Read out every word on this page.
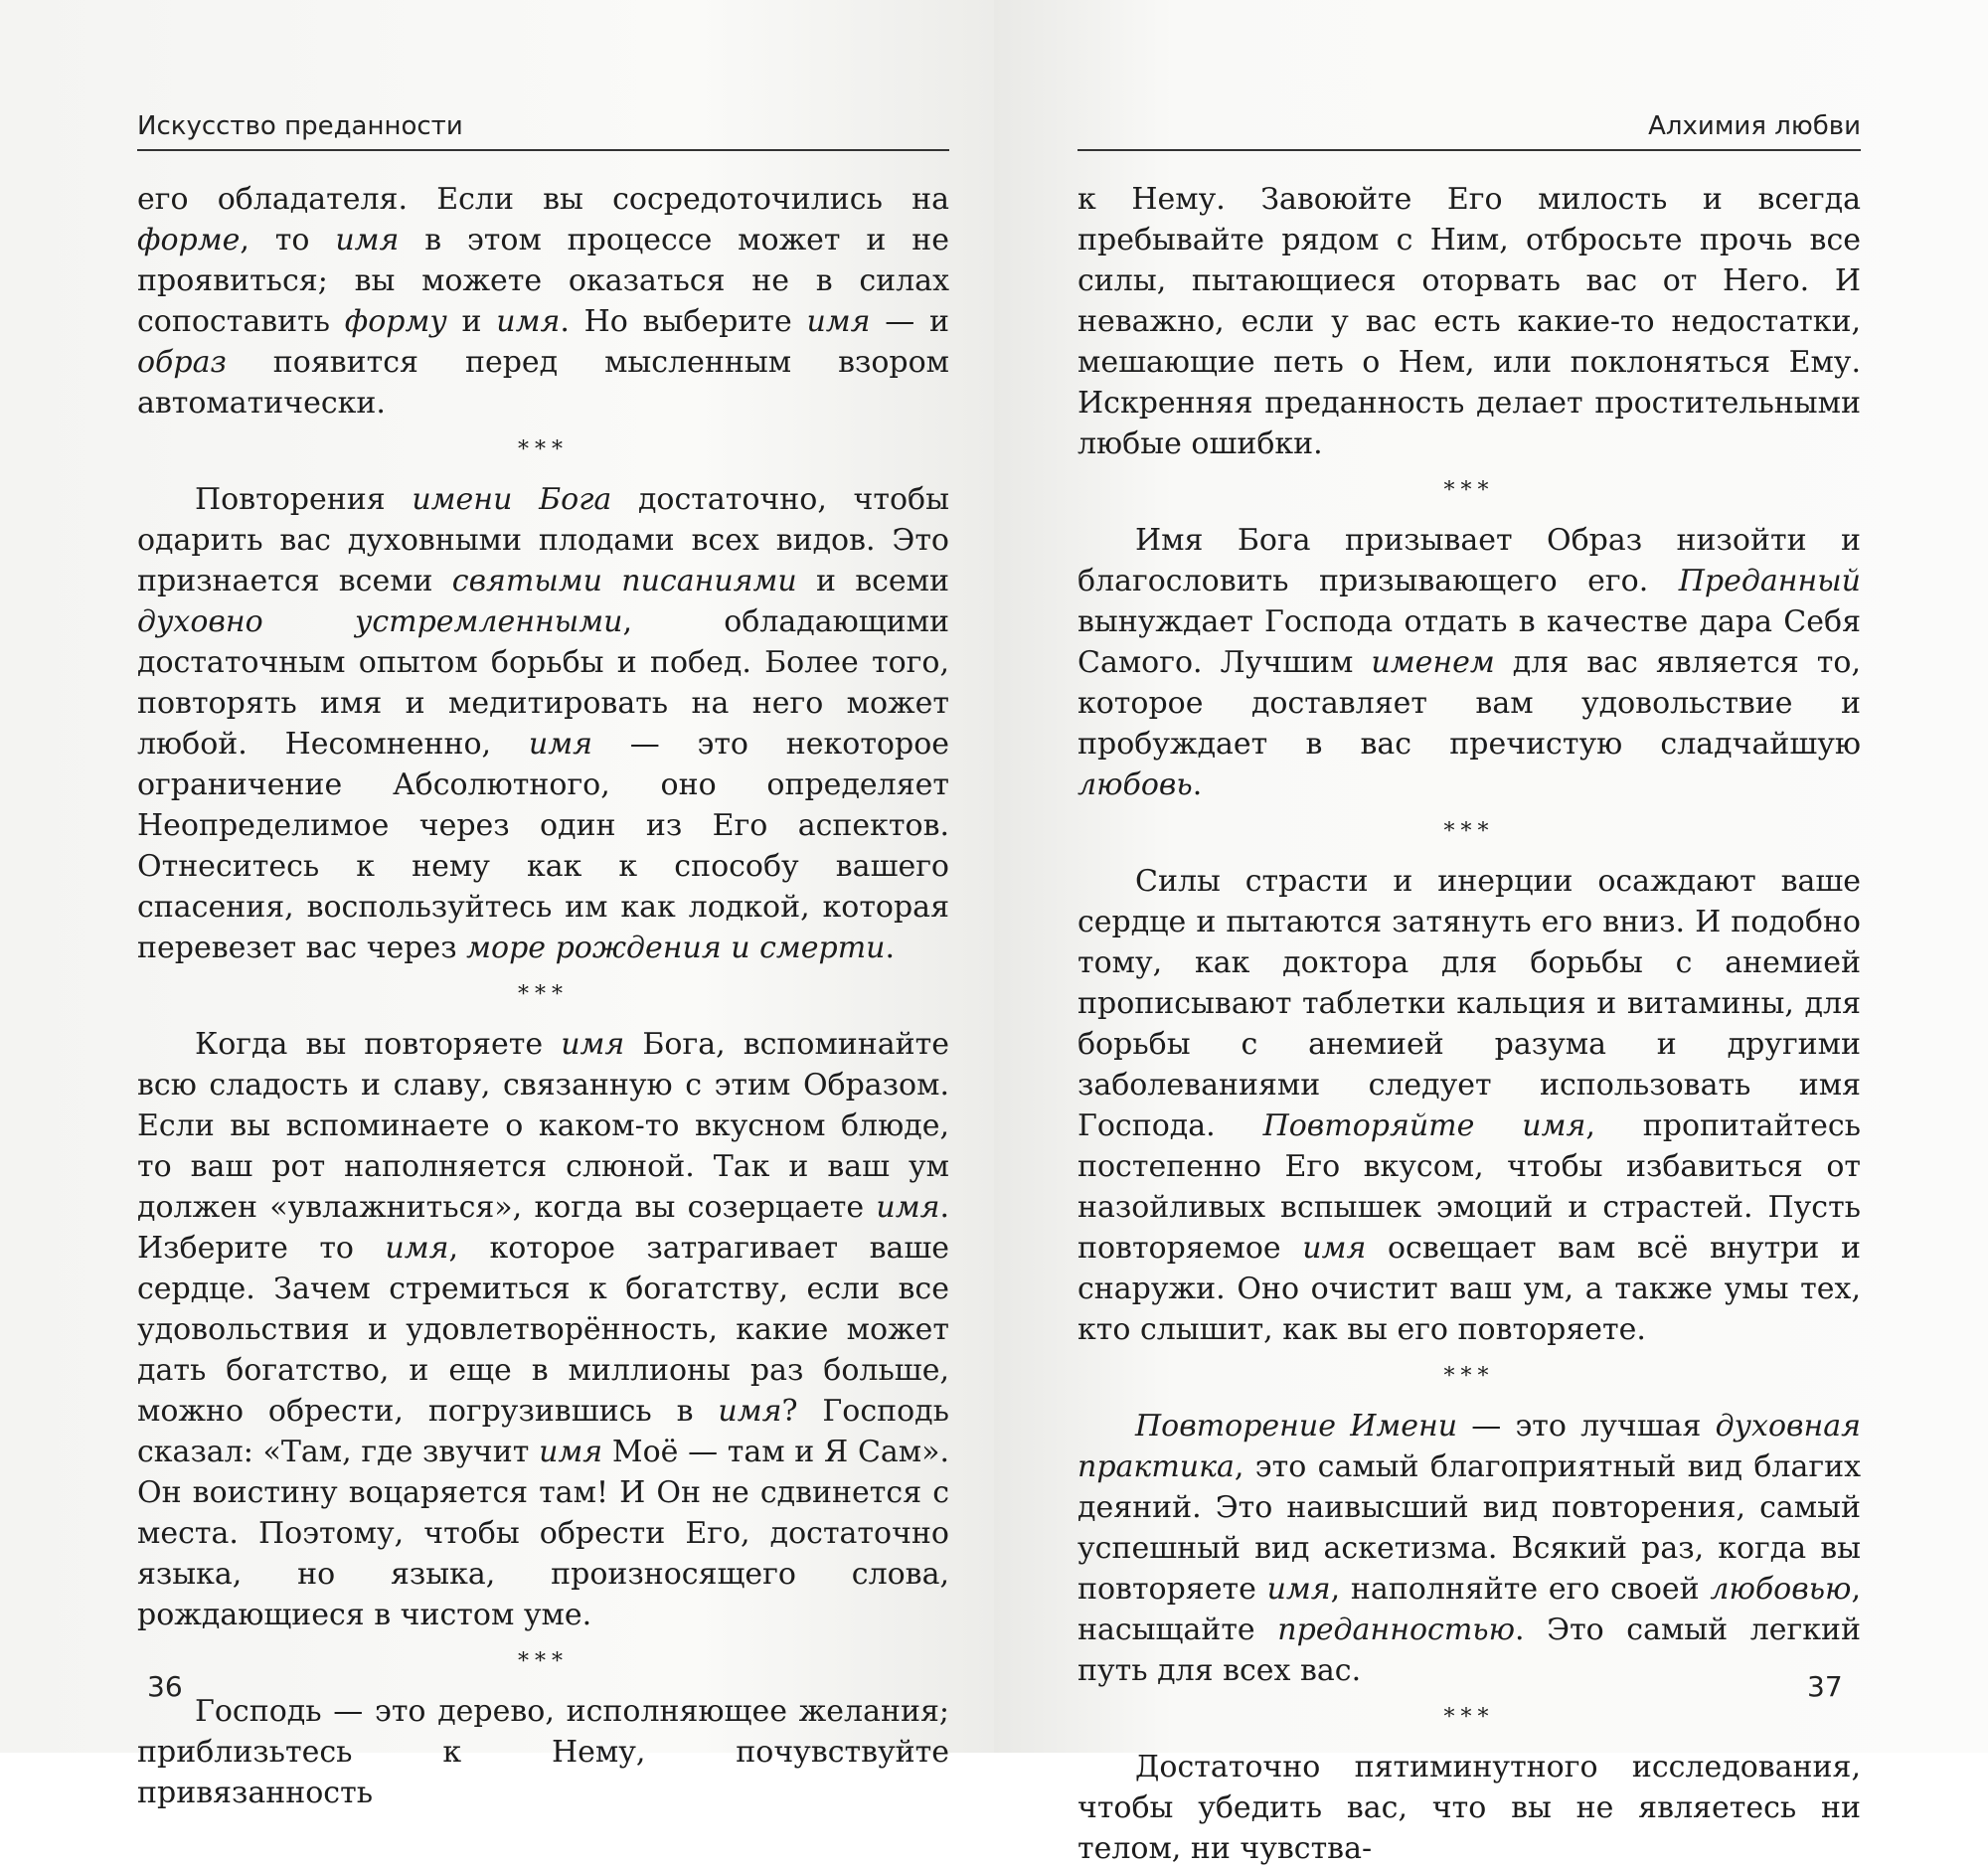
Искусство преданности

его обладателя. Если вы сосредоточились на форме, то имя в этом процессе может и не проявиться; вы можете оказаться не в силах сопоставить форму и имя. Но выберите имя — и образ появится перед мысленным взором автоматически.

***

Повторения имени Бога достаточно, чтобы одарить вас духовными плодами всех видов. Это признается всеми святыми писаниями и всеми духовно устремленными, обладающими достаточным опытом борьбы и побед. Более того, повторять имя и медитировать на него может любой. Несомненно, имя — это некоторое ограничение Абсолютного, оно определяет Неопределимое через один из Его аспектов. Отнеситесь к нему как к способу вашего спасения, воспользуйтесь им как лодкой, которая перевезет вас через море рождения и смерти.

***

Когда вы повторяете имя Бога, вспоминайте всю сладость и славу, связанную с этим Образом. Если вы вспоминаете о каком-то вкусном блюде, то ваш рот наполняется слюной. Так и ваш ум должен «увлажниться», когда вы созерцаете имя. Изберите то имя, которое затрагивает ваше сердце. Зачем стремиться к богатству, если все удовольствия и удовлетворённость, какие может дать богатство, и еще в миллионы раз больше, можно обрести, погрузившись в имя? Господь сказал: «Там, где звучит имя Моё — там и Я Сам». Он воистину воцаряется там! И Он не сдвинется с места. Поэтому, чтобы обрести Его, достаточно языка, но языка, произносящего слова, рождающиеся в чистом уме.

***

Господь — это дерево, исполняющее желания; приблизьтесь к Нему, почувствуйте привязанность

36
Алхимия любви

к Нему. Завоюйте Его милость и всегда пребывайте рядом с Ним, отбросьте прочь все силы, пытающиеся оторвать вас от Него. И неважно, если у вас есть какие-то недостатки, мешающие петь о Нем, или поклоняться Ему. Искренняя преданность делает простительными любые ошибки.

***

Имя Бога призывает Образ низойти и благословить призывающего его. Преданный вынуждает Господа отдать в качестве дара Себя Самого. Лучшим именем для вас является то, которое доставляет вам удовольствие и пробуждает в вас пречистую сладчайшую любовь.

***

Силы страсти и инерции осаждают ваше сердце и пытаются затянуть его вниз. И подобно тому, как доктора для борьбы с анемией прописывают таблетки кальция и витамины, для борьбы с анемией разума и другими заболеваниями следует использовать имя Господа. Повторяйте имя, пропитайтесь постепенно Его вкусом, чтобы избавиться от назойливых вспышек эмоций и страстей. Пусть повторяемое имя освещает вам всё внутри и снаружи. Оно очистит ваш ум, а также умы тех, кто слышит, как вы его повторяете.

***

Повторение Имени — это лучшая духовная практика, это самый благоприятный вид благих деяний. Это наивысший вид повторения, самый успешный вид аскетизма. Всякий раз, когда вы повторяете имя, наполняйте его своей любовью, насыщайте преданностью. Это самый легкий путь для всех вас.

***

Достаточно пятиминутного исследования, чтобы убедить вас, что вы не являетесь ни телом, ни чувства-

37
